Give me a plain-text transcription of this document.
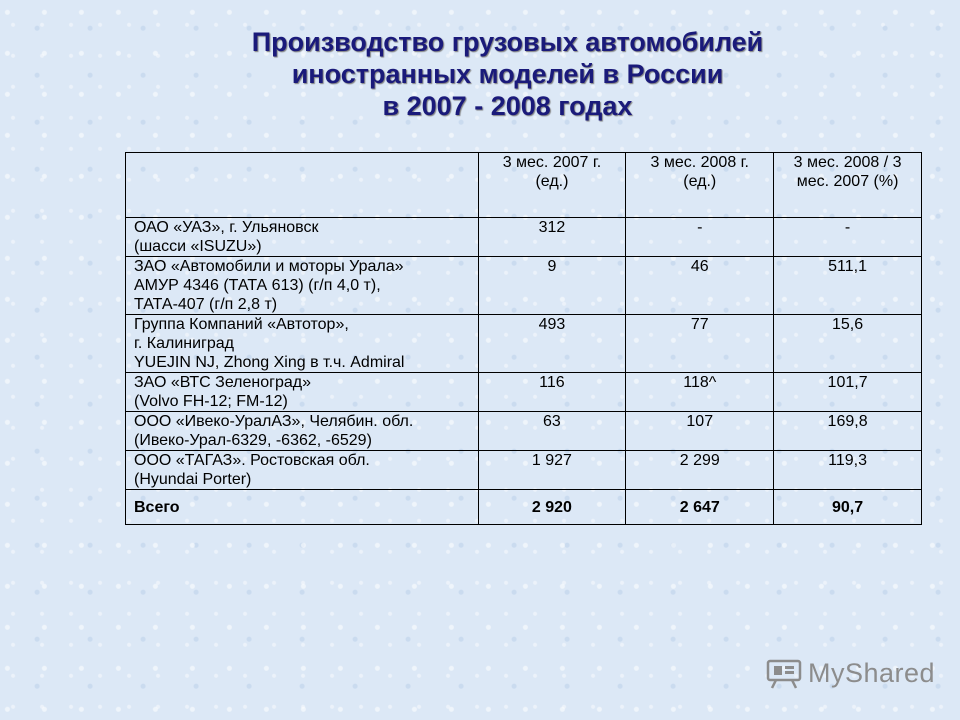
Производство грузовых автомобилей
иностранных моделей в России
в 2007 - 2008 годах
	3 мес. 2007 г. (ед.)	3 мес. 2008 г. (ед.)	3 мес. 2008 / 3 мес. 2007 (%)

ОАО «УАЗ», г. Ульяновск
(шасси «ISUZU»)	312	-	-

ЗАО «Автомобили и моторы Урала»
АМУР 4346 (ТАТА 613) (г/п 4,0 т),
ТАТА-407 (г/п 2,8 т)	9	46	511,1

Группа Компаний «Автотор»,
г. Калиниград
YUEJIN NJ, Zhong Xing в т.ч. Admiral	493	77	15,6

ЗАО «ВТС Зеленоград»
(Volvo FH-12; FM-12)	116	118^	101,7

ООО «Ивеко-УралАЗ», Челябин. обл.
(Ивеко-Урал-6329, -6362, -6529)	63	107	169,8

ООО «ТАГАЗ». Ростовская обл.
(Hyundai Porter)	1 927	2 299	119,3
Всего	2 920	2 647	90,7
MyShared
